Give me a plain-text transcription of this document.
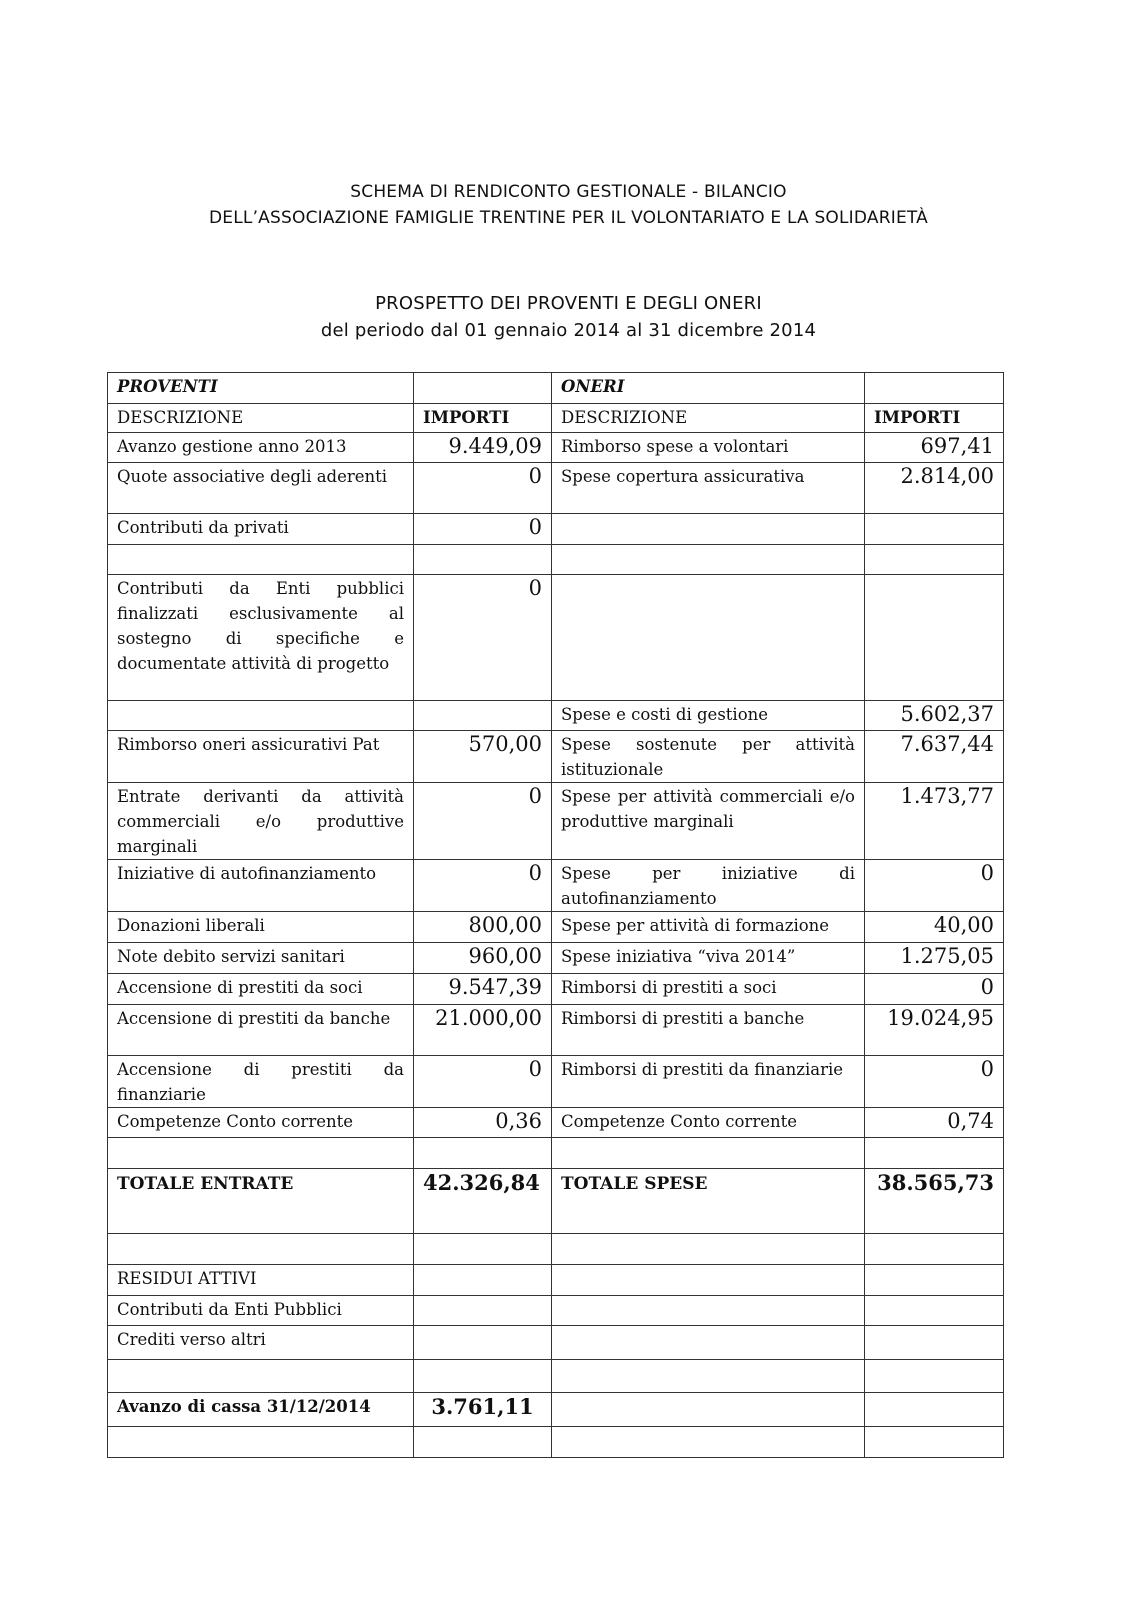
SCHEMA DI RENDICONTO GESTIONALE - BILANCIO
DELL’ASSOCIAZIONE FAMIGLIE TRENTINE PER IL VOLONTARIATO E LA SOLIDARIETÀ
PROSPETTO DEI PROVENTI E DEGLI ONERI
del periodo dal 01 gennaio 2014 al 31 dicembre 2014
PROVENTI		ONERI	
DESCRIZIONE	IMPORTI	DESCRIZIONE	IMPORTI
Avanzo gestione anno 2013	9.449,09	Rimborso spese a volontari	697,41
Quote associative degli aderenti	0	Spese copertura assicurativa	2.814,00
Contributi da privati	0		

Contributi da Enti pubblici finalizzati esclusivamente al sostegno di specifiche e documentate attività di progetto	0		
		Spese e costi di gestione	5.602,37
Rimborso oneri assicurativi Pat	570,00	Spese sostenute per attività istituzionale	7.637,44
Entrate derivanti da attività commerciali e/o produttive marginali	0	Spese per attività commerciali e/o produttive marginali	1.473,77
Iniziative di autofinanziamento	0	Spese per iniziative di autofinanziamento	0
Donazioni liberali	800,00	Spese per attività di formazione	40,00
Note debito servizi sanitari	960,00	Spese iniziativa “viva 2014”	1.275,05
Accensione di prestiti da soci	9.547,39	Rimborsi di prestiti a soci	0
Accensione di prestiti da banche	21.000,00	Rimborsi di prestiti a banche	19.024,95
Accensione di prestiti da finanziarie	0	Rimborsi di prestiti da finanziarie	0
Competenze Conto corrente	0,36	Competenze Conto corrente	0,74

TOTALE ENTRATE	42.326,84	TOTALE SPESE	38.565,73

RESIDUI ATTIVI			
Contributi da Enti Pubblici			
Crediti verso altri			

Avanzo di cassa 31/12/2014	3.761,11		
